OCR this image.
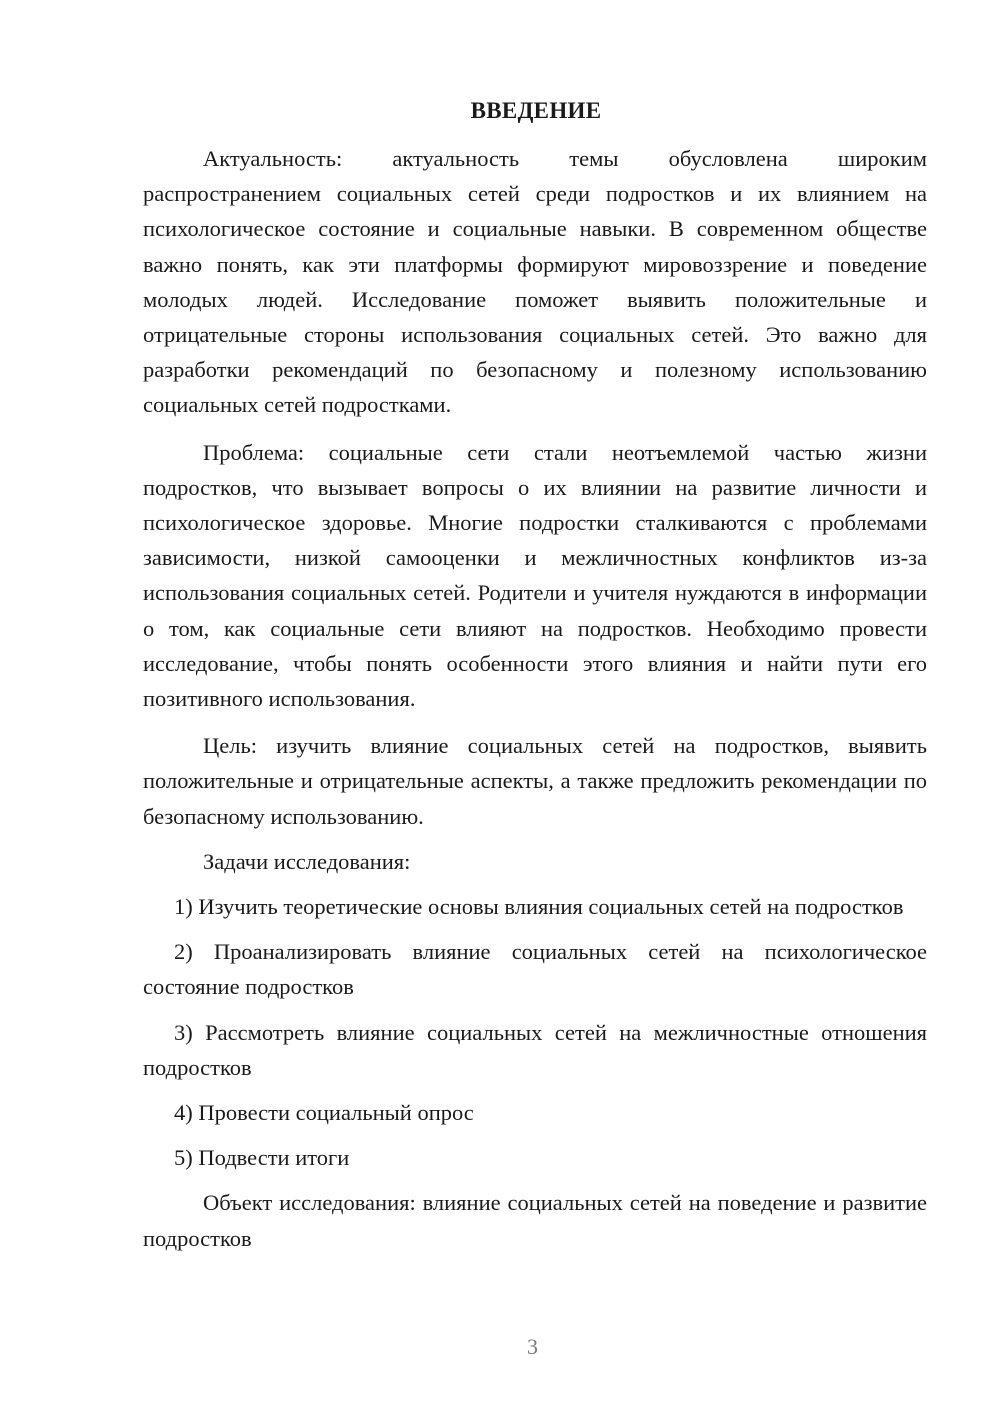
ВВЕДЕНИЕ

Актуальность: актуальность темы обусловлена широким распространением социальных сетей среди подростков и их влиянием на психологическое состояние и социальные навыки. В современном обществе важно понять, как эти платформы формируют мировоззрение и поведение молодых людей. Исследование поможет выявить положительные и отрицательные стороны использования социальных сетей. Это важно для разработки рекомендаций по безопасному и полезному использованию социальных сетей подростками.

Проблема: социальные сети стали неотъемлемой частью жизни подростков, что вызывает вопросы о их влиянии на развитие личности и психологическое здоровье. Многие подростки сталкиваются с проблемами зависимости, низкой самооценки и межличностных конфликтов из-за использования социальных сетей. Родители и учителя нуждаются в информации о том, как социальные сети влияют на подростков. Необходимо провести исследование, чтобы понять особенности этого влияния и найти пути его позитивного использования.

Цель: изучить влияние социальных сетей на подростков, выявить положительные и отрицательные аспекты, а также предложить рекомендации по безопасному использованию.

Задачи исследования:

1) Изучить теоретические основы влияния социальных сетей на подростков

2) Проанализировать влияние социальных сетей на психологическое состояние подростков

3) Рассмотреть влияние социальных сетей на межличностные отношения подростков

4) Провести социальный опрос

5) Подвести итоги

Объект исследования: влияние социальных сетей на поведение и развитие подростков

3
